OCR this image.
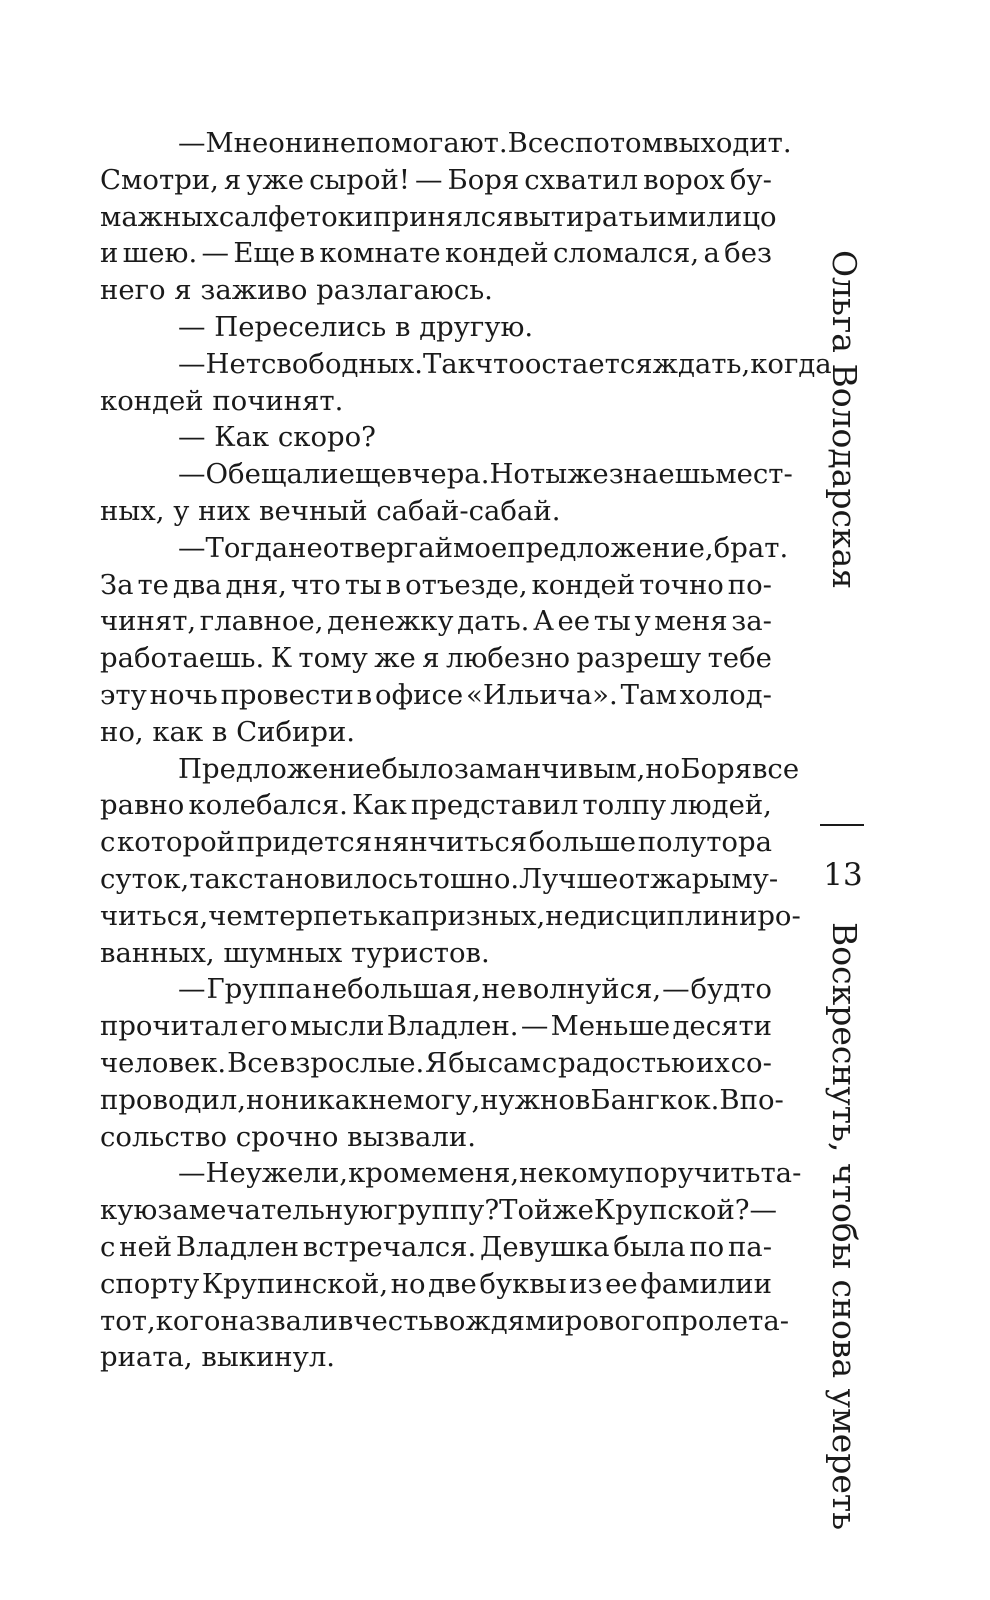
— Мне они не помогают. Все с потом выходит.
Смотри, я уже сырой! — Боря схватил ворох бу-
мажных салфеток и принялся вытирать ими лицо
и шею. — Еще в комнате кондей сломался, а без
него я заживо разлагаюсь.
— Переселись в другую.
— Нет свободных. Так что остается ждать, когда
кондей починят.
— Как скоро?
— Обещали еще вчера. Но ты же знаешь мест-
ных, у них вечный сабай-сабай.
— Тогда не отвергай мое предложение, брат.
За те два дня, что ты в отъезде, кондей точно по-
чинят, главное, денежку дать. А ее ты у меня за-
работаешь. К тому же я любезно разрешу тебе
эту ночь провести в офисе «Ильича». Там холод-
но, как в Сибири.
Предложение было заманчивым, но Боря все
равно колебался. Как представил толпу людей,
с которой придется нянчиться больше полутора
суток, так становилось тошно. Лучше от жары му-
читься, чем терпеть капризных, недисциплиниро-
ванных, шумных туристов.
— Группа небольшая, не волнуйся, — будто
прочитал его мысли Владлен. — Меньше десяти
человек. Все взрослые. Я бы сам с радостью их со-
проводил, но никак не могу, нужно в Бангкок. В по-
сольство срочно вызвали.
— Неужели, кроме меня, некому поручить та-
кую замечательную группу? Той же Крупской? —
с ней Владлен встречался. Девушка была по па-
спорту Крупинской, но две буквы из ее фамилии
тот, кого назвали в честь вождя мирового пролета-
риата, выкинул.
Ольга Володарская
13
Воскреснуть, чтобы снова умереть
